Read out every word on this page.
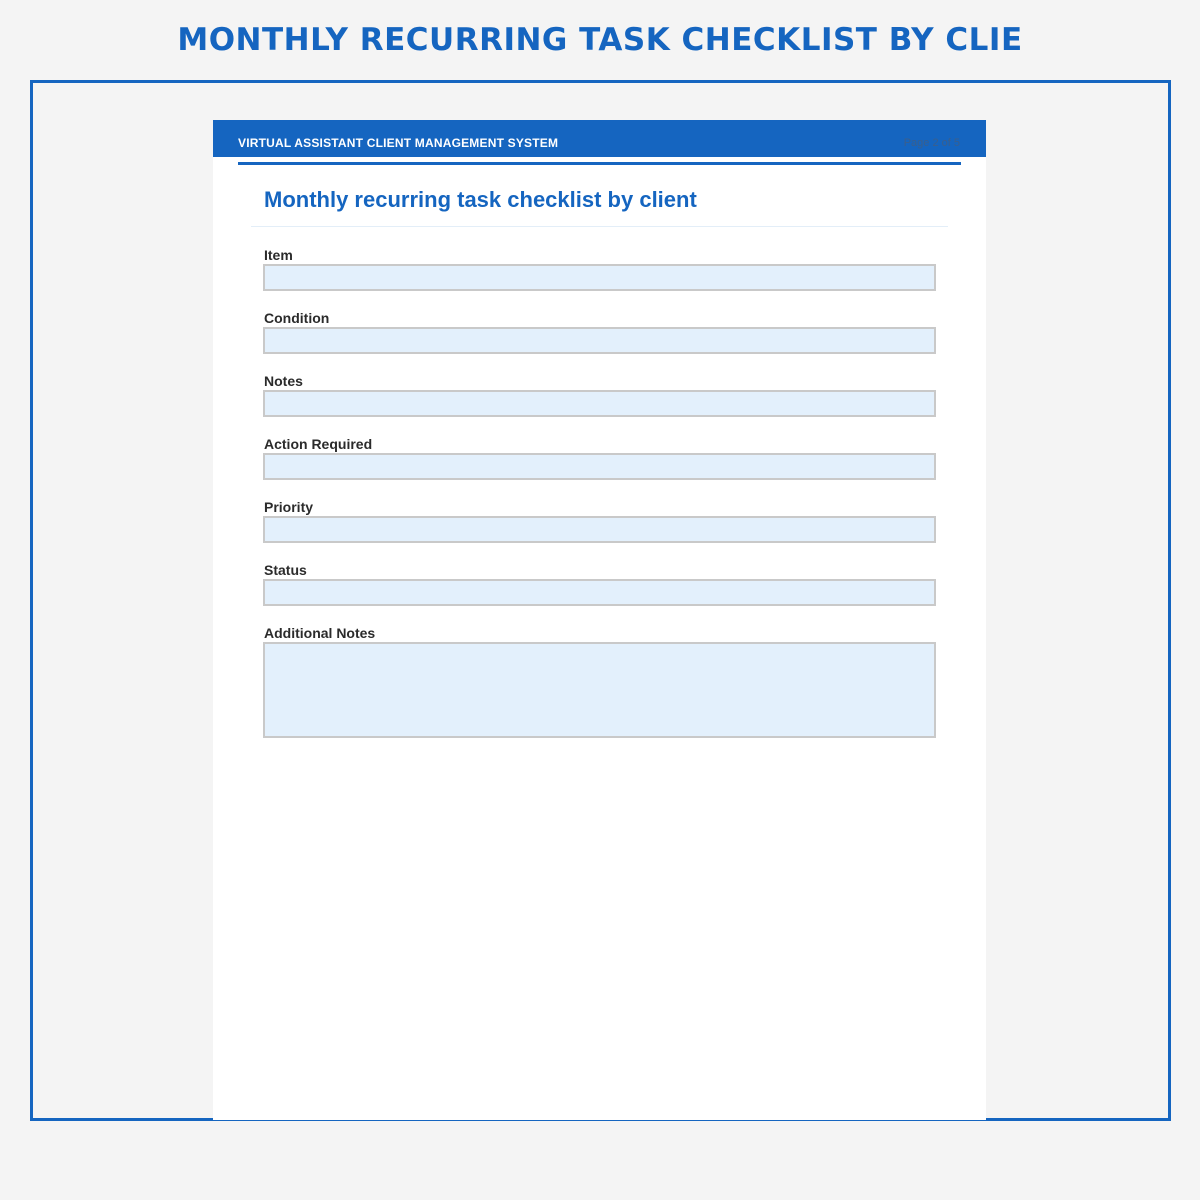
MONTHLY RECURRING TASK CHECKLIST BY CLIE
VIRTUAL ASSISTANT CLIENT MANAGEMENT SYSTEM	Page 2 of 5
Monthly recurring task checklist by client
Item
Condition
Notes
Action Required
Priority
Status
Additional Notes
